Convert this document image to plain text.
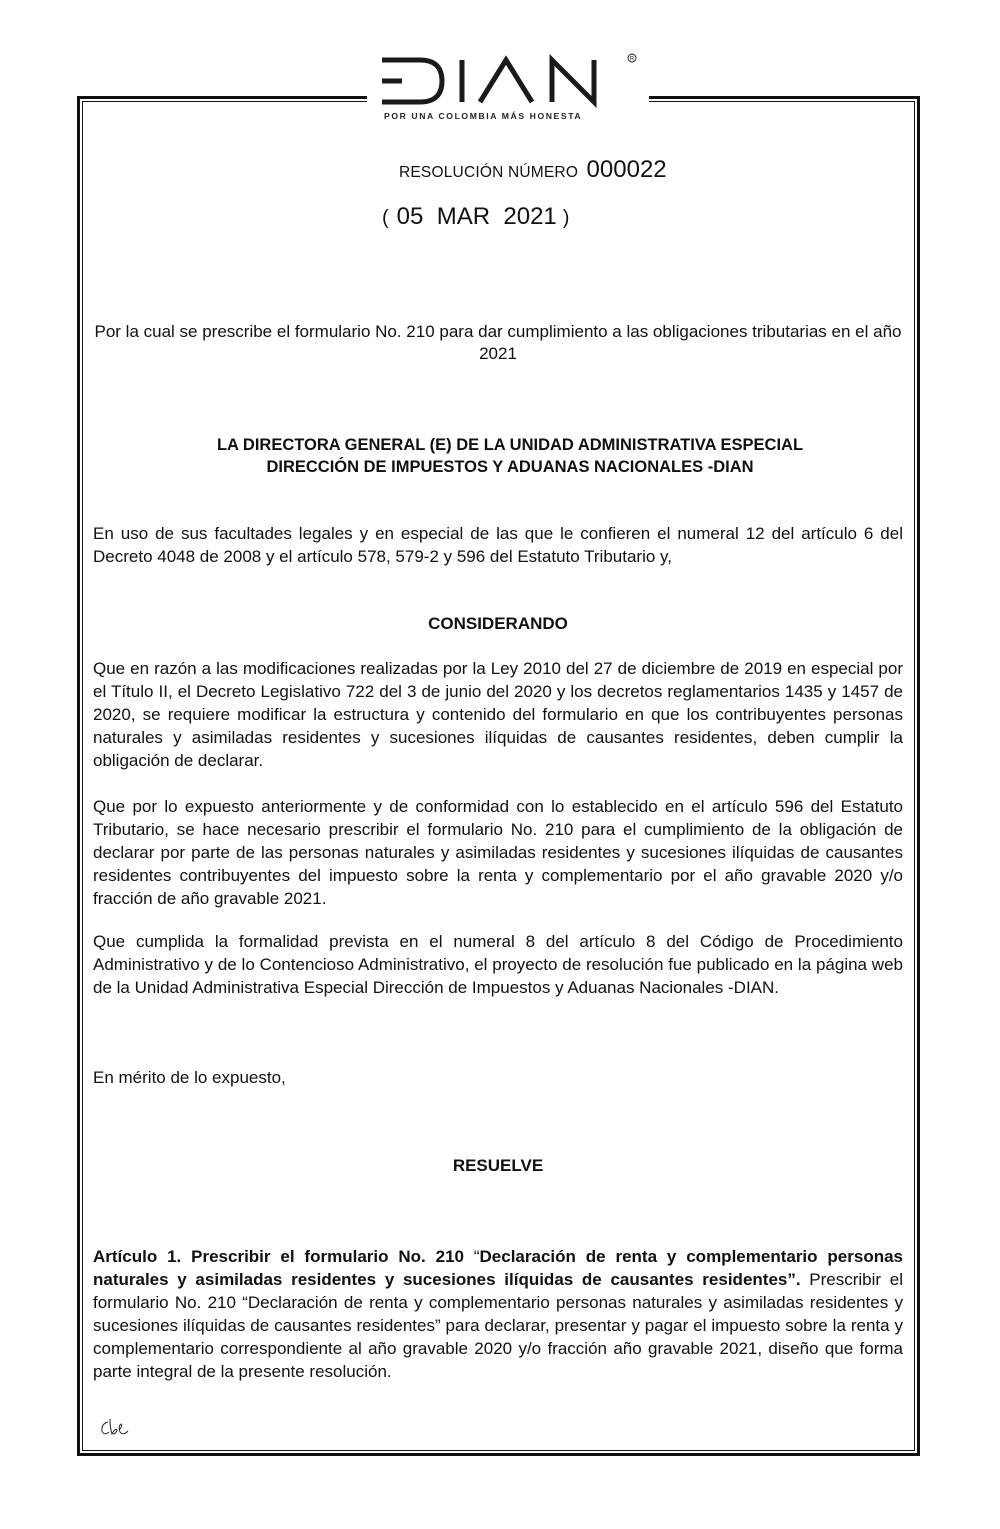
R
POR UNA COLOMBIA MÁS HONESTA
RESOLUCIÓN NÚMERO 000022
( 05  MAR  2021 )
Por la cual se prescribe el formulario No. 210 para dar cumplimiento a las obligaciones tributarias en el año 2021
LA DIRECTORA GENERAL (E) DE LA UNIDAD ADMINISTRATIVA ESPECIAL
DIRECCIÓN DE IMPUESTOS Y ADUANAS NACIONALES -DIAN
En uso de sus facultades legales y en especial de las que le confieren el numeral 12 del artículo 6 del Decreto 4048 de 2008 y el artículo 578, 579-2 y 596 del Estatuto Tributario y,
CONSIDERANDO
Que en razón a las modificaciones realizadas por la Ley 2010 del 27 de diciembre de 2019 en especial por el Título II, el Decreto Legislativo 722 del 3 de junio del 2020 y los decretos reglamentarios 1435 y 1457 de 2020, se requiere modificar la estructura y contenido del formulario en que los contribuyentes personas naturales y asimiladas residentes y sucesiones ilíquidas de causantes residentes, deben cumplir la obligación de declarar.
Que por lo expuesto anteriormente y de conformidad con lo establecido en el artículo 596 del Estatuto Tributario, se hace necesario prescribir el formulario No. 210 para el cumplimiento de la obligación de declarar por parte de las personas naturales y asimiladas residentes y sucesiones ilíquidas de causantes residentes contribuyentes del impuesto sobre la renta y complementario por el año gravable 2020 y/o fracción de año gravable 2021.
Que cumplida la formalidad prevista en el numeral 8 del artículo 8 del Código de Procedimiento Administrativo y de lo Contencioso Administrativo, el proyecto de resolución fue publicado en la página web de la Unidad Administrativa Especial Dirección de Impuestos y Aduanas Nacionales -DIAN.
En mérito de lo expuesto,
RESUELVE
Artículo 1. Prescribir el formulario No. 210 “Declaración de renta y complementario personas naturales y asimiladas residentes y sucesiones ilíquidas de causantes residentes”. Prescribir el formulario No. 210 “Declaración de renta y complementario personas naturales y asimiladas residentes y sucesiones ilíquidas de causantes residentes” para declarar, presentar y pagar el impuesto sobre la renta y complementario correspondiente al año gravable 2020 y/o fracción año gravable 2021, diseño que forma parte integral de la presente resolución.
